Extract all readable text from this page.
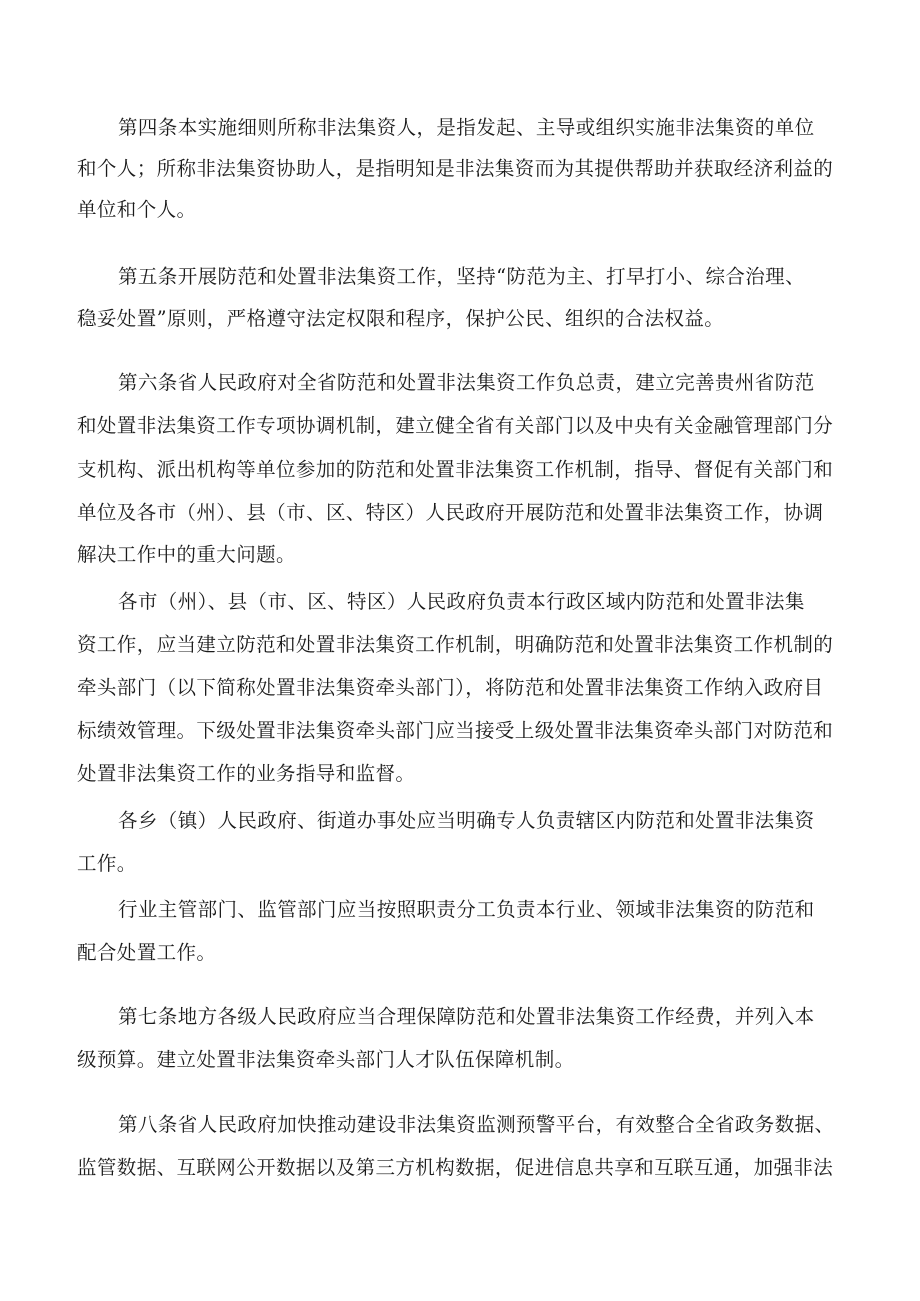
第四条本实施细则所称非法集资人，是指发起、主导或组织实施非法集资的单位
和个人；所称非法集资协助人，是指明知是非法集资而为其提供帮助并获取经济利益的
单位和个人。
第五条开展防范和处置非法集资工作，坚持“防范为主、打早打小、综合治理、
稳妥处置”原则，严格遵守法定权限和程序，保护公民、组织的合法权益。
第六条省人民政府对全省防范和处置非法集资工作负总责，建立完善贵州省防范
和处置非法集资工作专项协调机制，建立健全省有关部门以及中央有关金融管理部门分
支机构、派出机构等单位参加的防范和处置非法集资工作机制，指导、督促有关部门和
单位及各市（州）、县（市、区、特区）人民政府开展防范和处置非法集资工作，协调
解决工作中的重大问题。
各市（州）、县（市、区、特区）人民政府负责本行政区域内防范和处置非法集
资工作，应当建立防范和处置非法集资工作机制，明确防范和处置非法集资工作机制的
牵头部门（以下简称处置非法集资牵头部门），将防范和处置非法集资工作纳入政府目
标绩效管理。下级处置非法集资牵头部门应当接受上级处置非法集资牵头部门对防范和
处置非法集资工作的业务指导和监督。
各乡（镇）人民政府、街道办事处应当明确专人负责辖区内防范和处置非法集资
工作。
行业主管部门、监管部门应当按照职责分工负责本行业、领域非法集资的防范和
配合处置工作。
第七条地方各级人民政府应当合理保障防范和处置非法集资工作经费，并列入本
级预算。建立处置非法集资牵头部门人才队伍保障机制。
第八条省人民政府加快推动建设非法集资监测预警平台，有效整合全省政务数据、
监管数据、互联网公开数据以及第三方机构数据，促进信息共享和互联互通，加强非法
